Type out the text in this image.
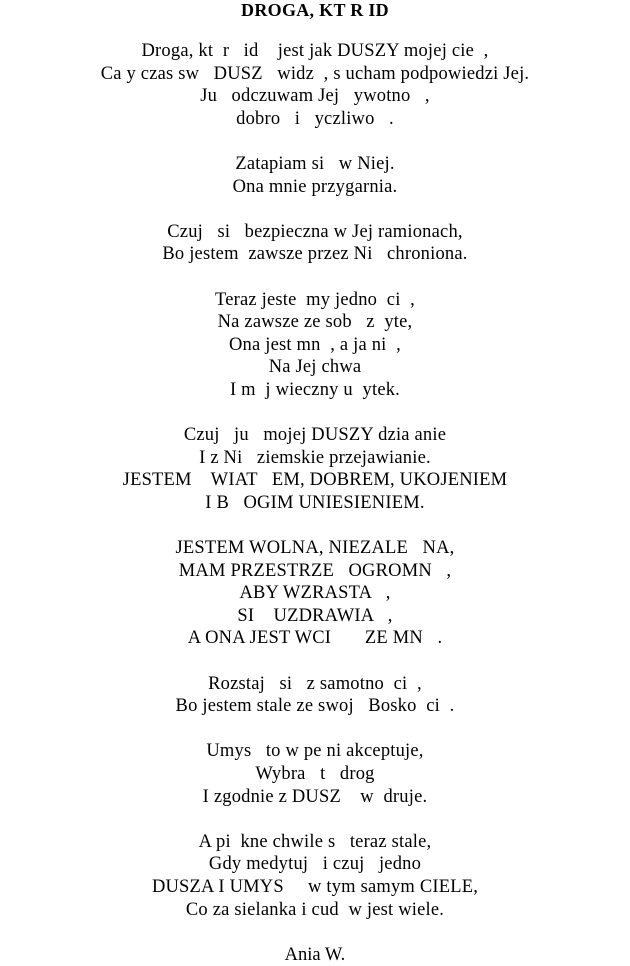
DROGA, KT R ID
Droga, kt  r   id    jest jak DUSZY mojej cie  ,
Ca y czas sw   DUSZ   widz  , s ucham podpowiedzi Jej.
Ju   odczuwam Jej   ywotno   ,
dobro   i   yczliwo   .
Zatapiam si   w Niej.
Ona mnie przygarnia.
Czuj   si   bezpieczna w Jej ramionach,
Bo jestem  zawsze przez Ni   chroniona.
Teraz jeste  my jedno  ci  ,
Na zawsze ze sob   z  yte,
Ona jest mn  , a ja ni  ,
Na Jej chwa
I m  j wieczny u  ytek.
Czuj   ju   mojej DUSZY dzia anie
I z Ni   ziemskie przejawianie.
JESTEM    WIAT   EM, DOBREM, UKOJENIEM
I B   OGIM UNIESIENIEM.
JESTEM WOLNA, NIEZALE   NA,
MAM PRZESTRZE   OGROMN   ,
ABY WZRASTA   ,
SI    UZDRAWIA   ,
A ONA JEST WCI       ZE MN   .
Rozstaj   si   z samotno  ci  ,
Bo jestem stale ze swoj   Bosko  ci  .
Umys   to w pe ni akceptuje,
Wybra   t   drog
I zgodnie z DUSZ    w  druje.
A pi  kne chwile s   teraz stale,
Gdy medytuj   i czuj   jedno
DUSZA I UMYS     w tym samym CIELE,
Co za sielanka i cud  w jest wiele.
Ania W.
